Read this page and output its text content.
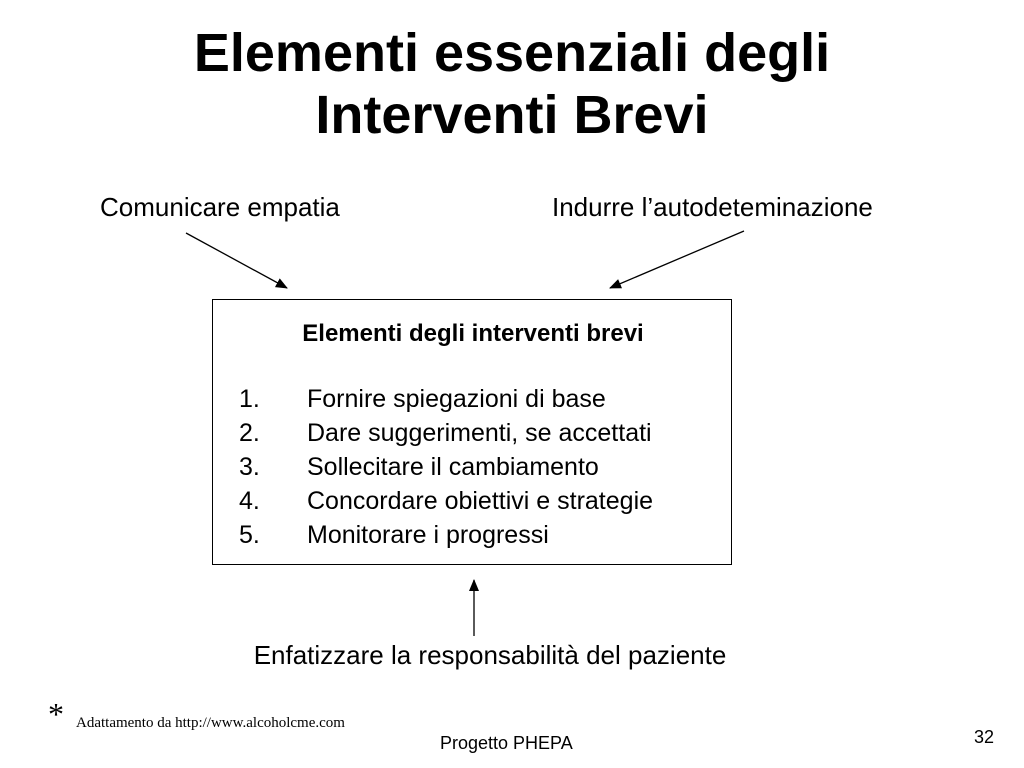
Elementi essenziali degli
Interventi Brevi
Comunicare empatia	Indurre l’autodeteminazione
Elementi degli interventi brevi
1. Fornire spiegazioni di base
2. Dare suggerimenti, se accettati
3. Sollecitare il cambiamento
4. Concordare obiettivi e strategie
5. Monitorare i progressi
Enfatizzare la responsabilità del paziente
* Adattamento da http://www.alcoholcme.com
Progetto PHEPA	32
